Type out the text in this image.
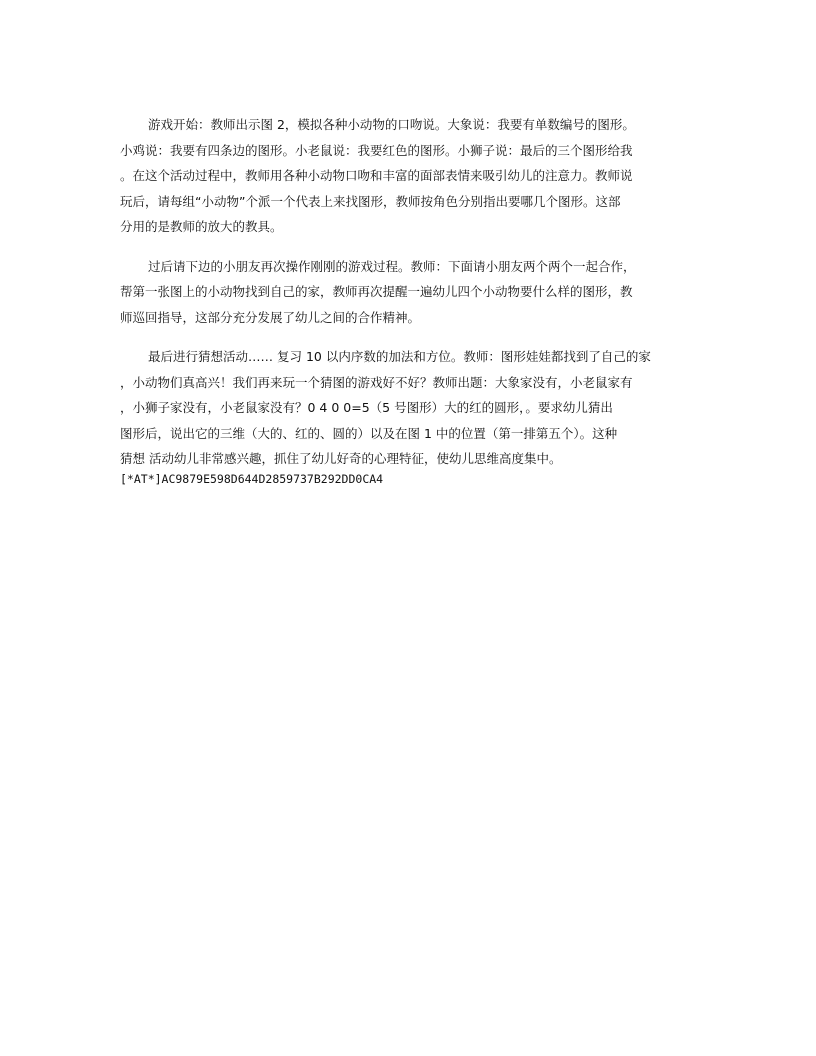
游戏开始：教师出示图 2，模拟各种小动物的口吻说。大象说：我要有单数编号的图形。
小鸡说：我要有四条边的图形。小老鼠说：我要红色的图形。小狮子说：最后的三个图形给我
。在这个活动过程中，教师用各种小动物口吻和丰富的面部表情来吸引幼儿的注意力。教师说
玩后，请每组“小动物”个派一个代表上来找图形，教师按角色分别指出要哪几个图形。这部
分用的是教师的放大的教具。

过后请下边的小朋友再次操作刚刚的游戏过程。教师：下面请小朋友两个两个一起合作，
帮第一张图上的小动物找到自己的家，教师再次提醒一遍幼儿四个小动物要什么样的图形，教
师巡回指导，这部分充分发展了幼儿之间的合作精神。

最后进行猜想活动…… 复习 10 以内序数的加法和方位。教师：图形娃娃都找到了自己的家
，小动物们真高兴！我们再来玩一个猜图的游戏好不好？教师出题：大象家没有，小老鼠家有
，小狮子家没有，小老鼠家没有？0 4 0 0=5（5 号图形）大的红的圆形，。要求幼儿猜出
图形后，说出它的三维（大的、红的、圆的）以及在图 1 中的位置（第一排第五个）。这种
猜想 活动幼儿非常感兴趣，抓住了幼儿好奇的心理特征，使幼儿思维高度集中。

[*AT*]AC9879E598D644D2859737B292DD0CA4
